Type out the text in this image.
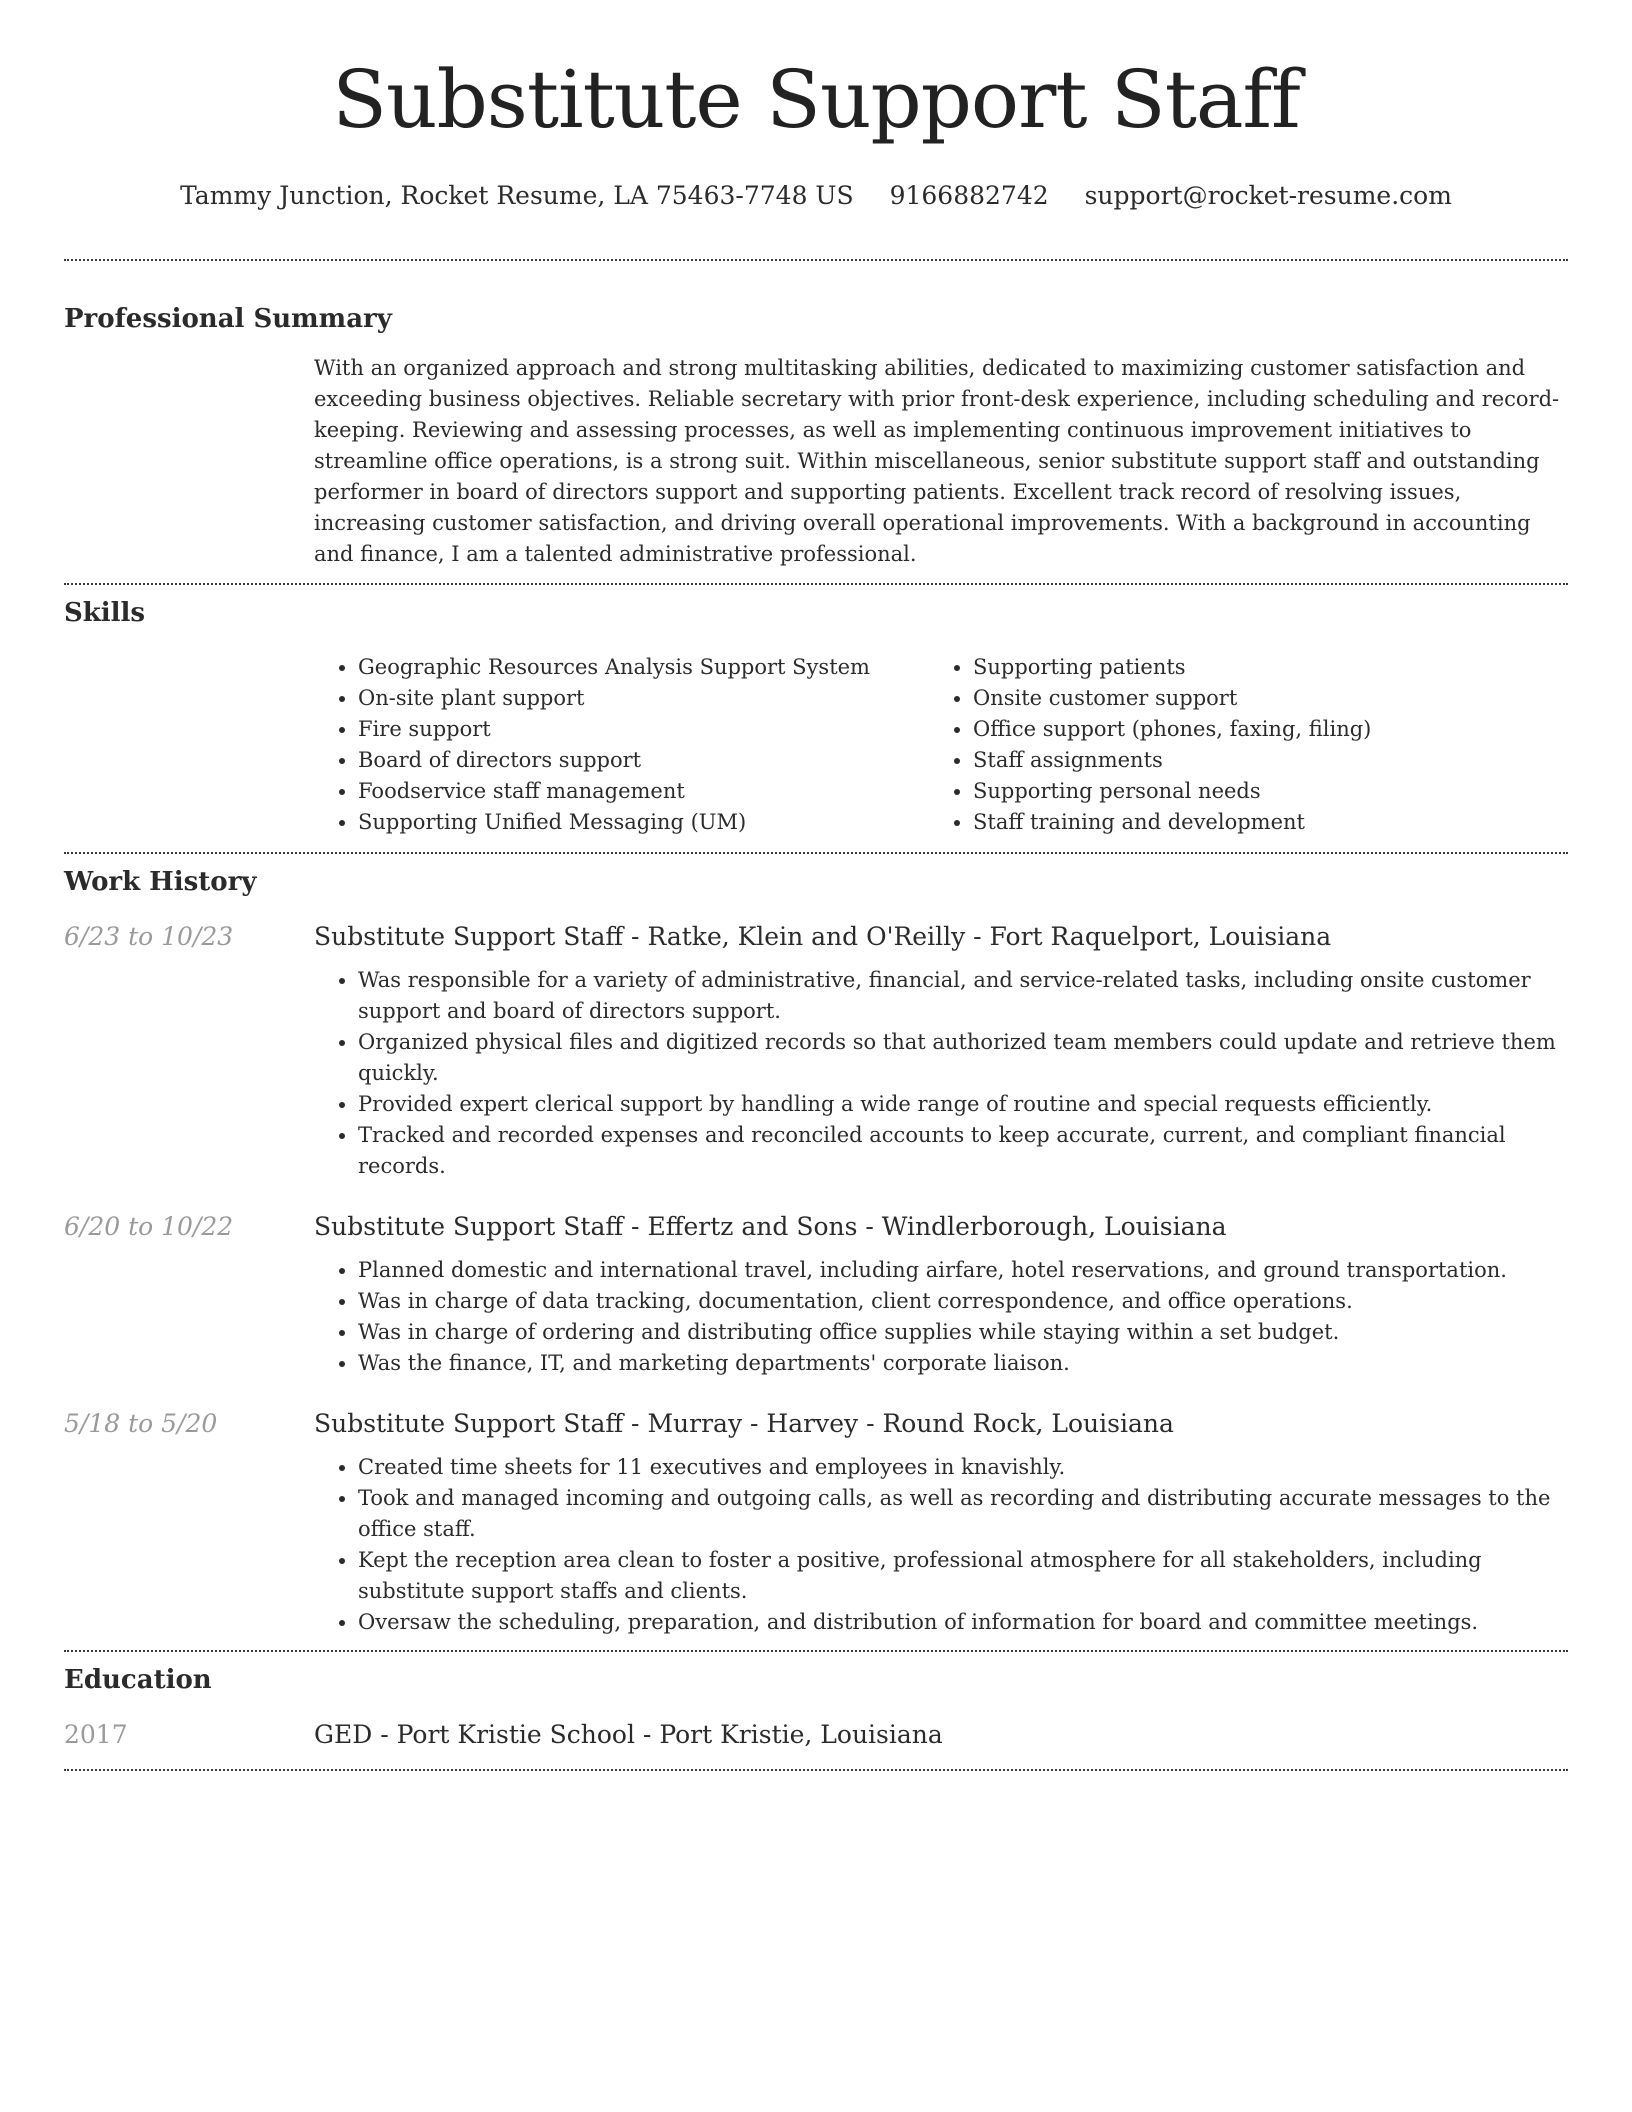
Substitute Support Staff
Tammy Junction, Rocket Resume, LA 75463-7748 US 9166882742 support@rocket-resume.com
Professional Summary
With an organized approach and strong multitasking abilities, dedicated to maximizing customer satisfaction and exceeding business objectives. Reliable secretary with prior front-desk experience, including scheduling and record-keeping. Reviewing and assessing processes, as well as implementing continuous improvement initiatives to streamline office operations, is a strong suit. Within miscellaneous, senior substitute support staff and outstanding performer in board of directors support and supporting patients. Excellent track record of resolving issues, increasing customer satisfaction, and driving overall operational improvements. With a background in accounting and finance, I am a talented administrative professional.
Skills
• Geographic Resources Analysis Support System
• On-site plant support
• Fire support
• Board of directors support
• Foodservice staff management
• Supporting Unified Messaging (UM)
• Supporting patients
• Onsite customer support
• Office support (phones, faxing, filing)
• Staff assignments
• Supporting personal needs
• Staff training and development
Work History
6/23 to 10/23	Substitute Support Staff - Ratke, Klein and O'Reilly - Fort Raquelport, Louisiana
• Was responsible for a variety of administrative, financial, and service-related tasks, including onsite customer support and board of directors support.
• Organized physical files and digitized records so that authorized team members could update and retrieve them quickly.
• Provided expert clerical support by handling a wide range of routine and special requests efficiently.
• Tracked and recorded expenses and reconciled accounts to keep accurate, current, and compliant financial records.
6/20 to 10/22	Substitute Support Staff - Effertz and Sons - Windlerborough, Louisiana
• Planned domestic and international travel, including airfare, hotel reservations, and ground transportation.
• Was in charge of data tracking, documentation, client correspondence, and office operations.
• Was in charge of ordering and distributing office supplies while staying within a set budget.
• Was the finance, IT, and marketing departments' corporate liaison.
5/18 to 5/20	Substitute Support Staff - Murray - Harvey - Round Rock, Louisiana
• Created time sheets for 11 executives and employees in knavishly.
• Took and managed incoming and outgoing calls, as well as recording and distributing accurate messages to the office staff.
• Kept the reception area clean to foster a positive, professional atmosphere for all stakeholders, including substitute support staffs and clients.
• Oversaw the scheduling, preparation, and distribution of information for board and committee meetings.
Education
2017	GED - Port Kristie School - Port Kristie, Louisiana
